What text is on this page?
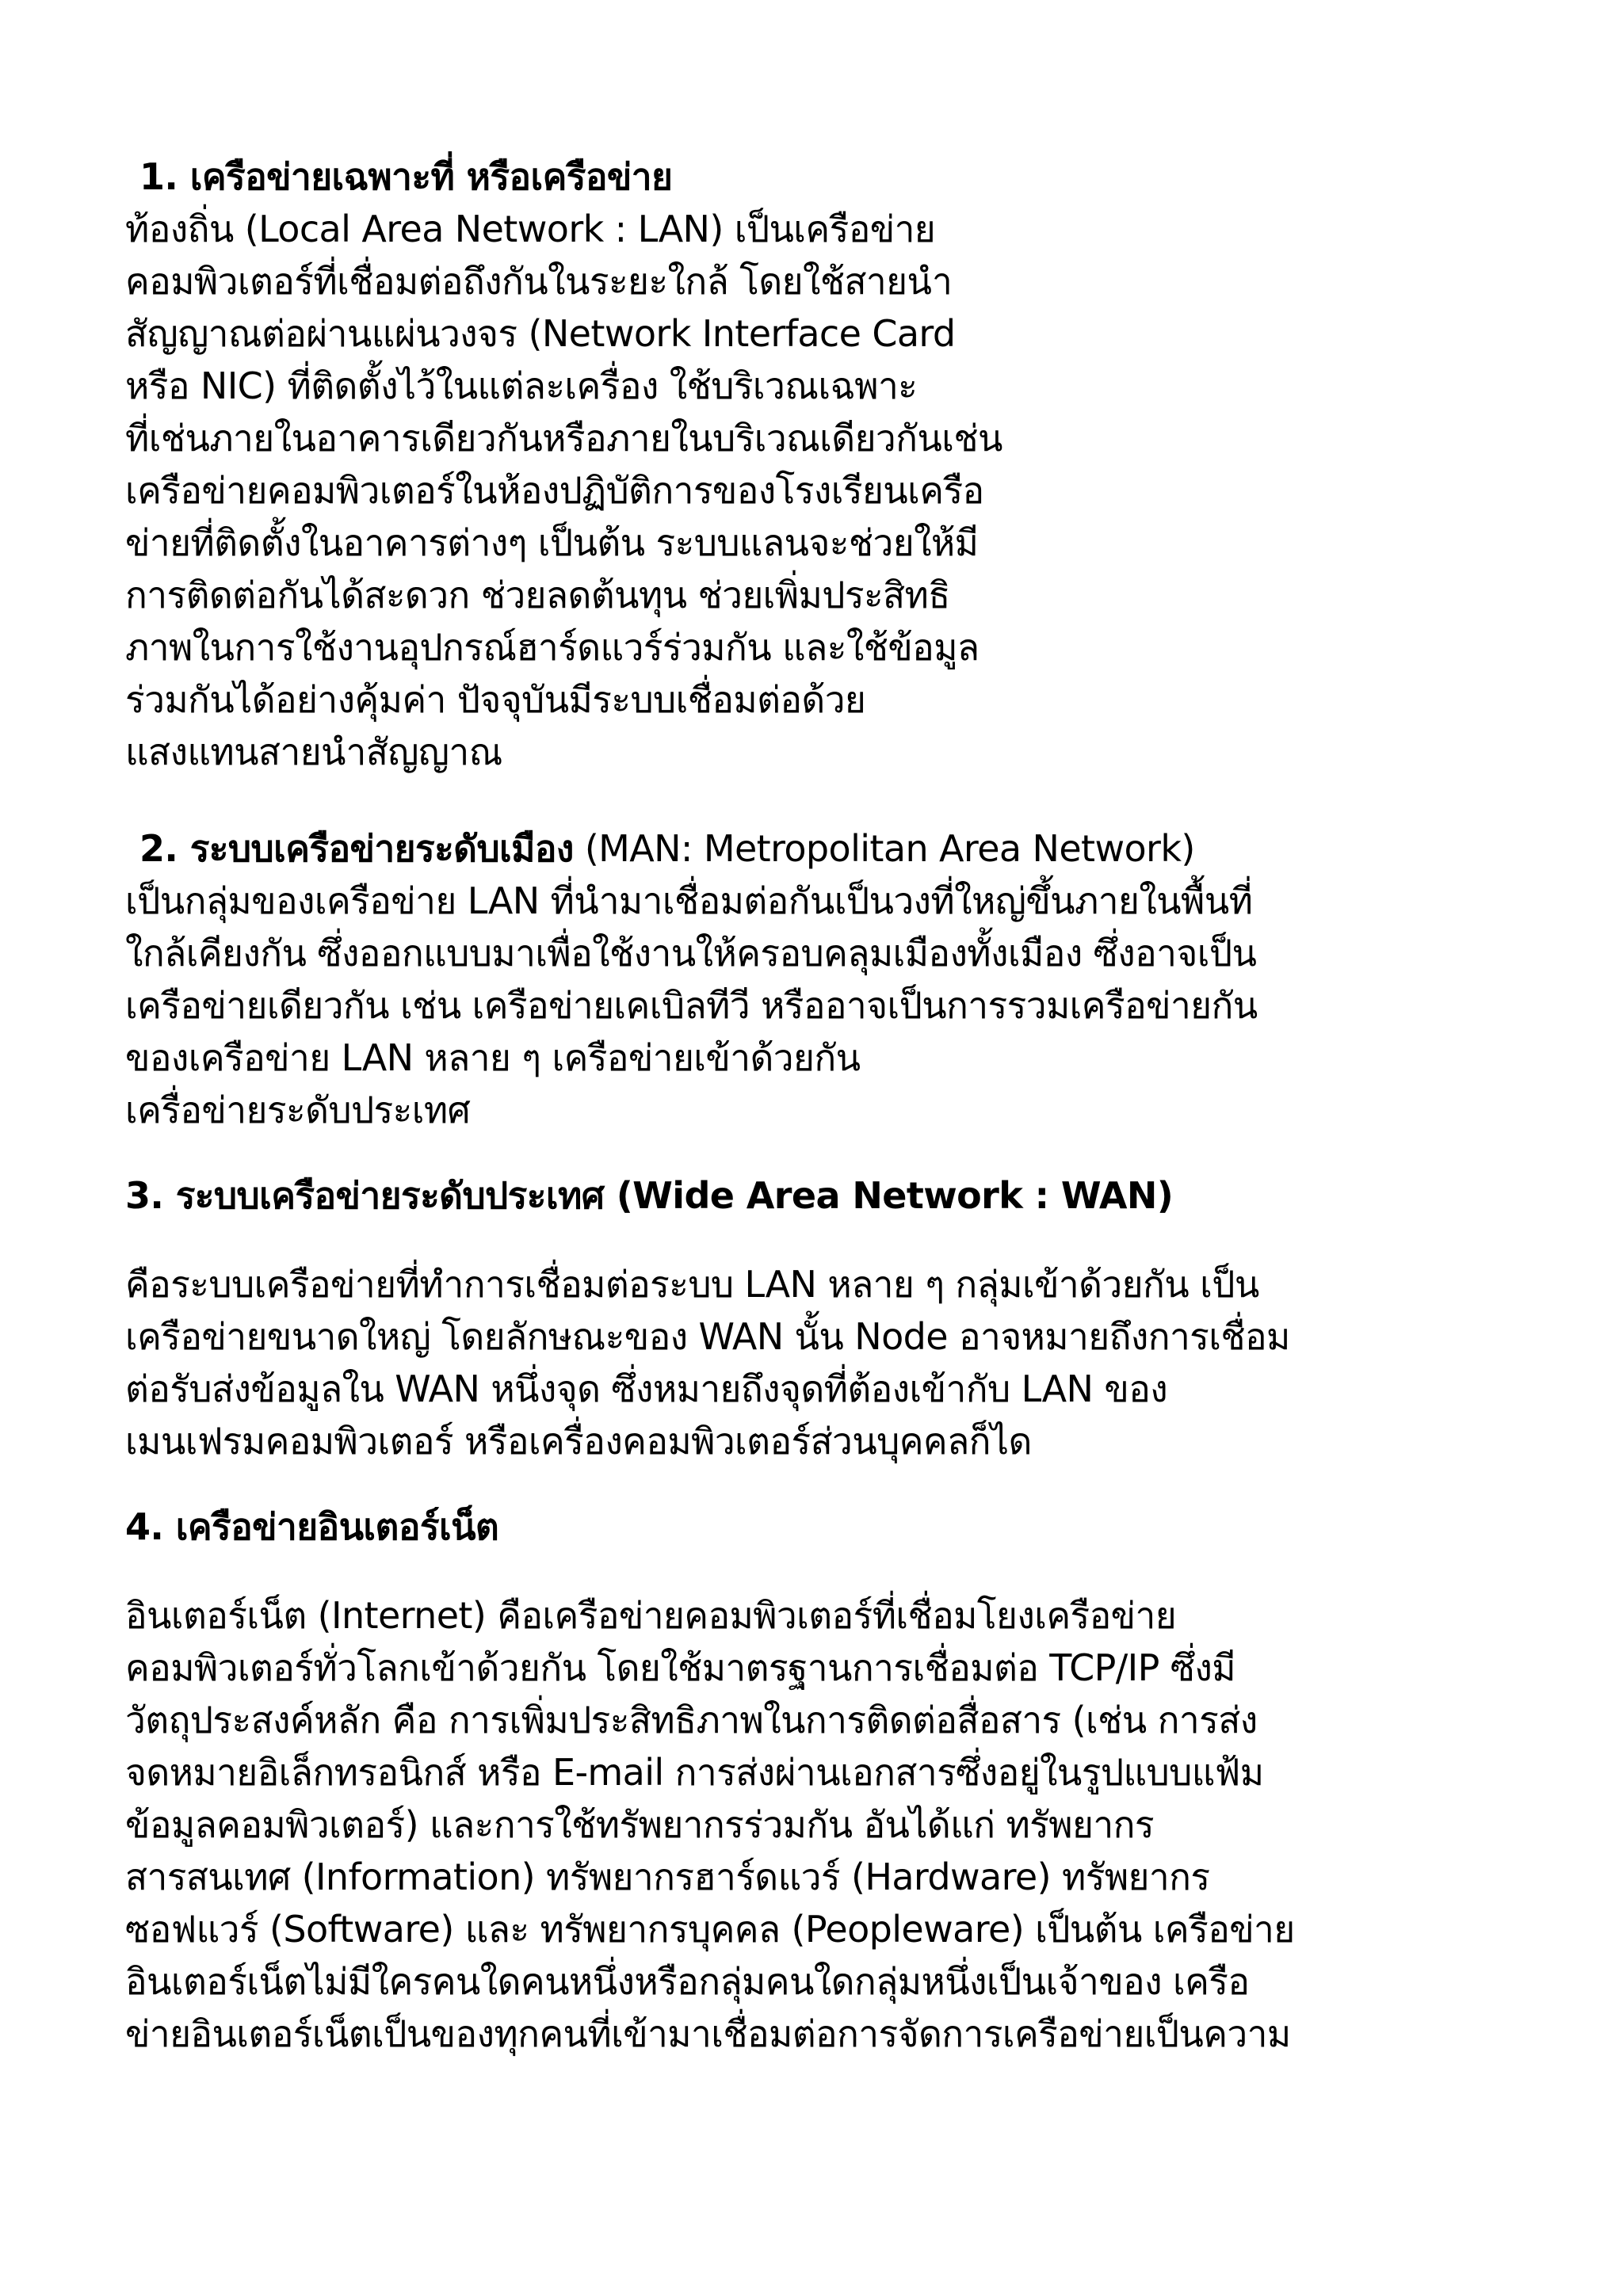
1. เครือข่ายเฉพาะที่ หรือเครือข่าย
ท้องถิ่น (Local Area Network : LAN) เป็นเครือข่าย
คอมพิวเตอร์ที่เชื่อมต่อถึงกันในระยะใกล้ โดยใช้สายนำ
สัญญาณต่อผ่านแผ่นวงจร (Network Interface Card
หรือ NIC) ที่ติดตั้งไว้ในแต่ละเครื่อง ใช้บริเวณเฉพาะ
ที่เช่นภายในอาคารเดียวกันหรือภายในบริเวณเดียวกันเช่น
เครือข่ายคอมพิวเตอร์ในห้องปฏิบัติการของโรงเรียนเครือ
ข่ายที่ติดตั้งในอาคารต่างๆ เป็นต้น ระบบแลนจะช่วยให้มี
การติดต่อกันได้สะดวก ช่วยลดต้นทุน ช่วยเพิ่มประสิทธิ
ภาพในการใช้งานอุปกรณ์ฮาร์ดแวร์ร่วมกัน และใช้ข้อมูล
ร่วมกันได้อย่างคุ้มค่า ปัจจุบันมีระบบเชื่อมต่อด้วย
แสงแทนสายนำสัญญาณ
2. ระบบเครือข่ายระดับเมือง (MAN: Metropolitan Area Network)
เป็นกลุ่มของเครือข่าย LAN ที่นำมาเชื่อมต่อกันเป็นวงที่ใหญ่ขึ้นภายในพื้นที่
ใกล้เคียงกัน ซึ่งออกแบบมาเพื่อใช้งานให้ครอบคลุมเมืองทั้งเมือง ซึ่งอาจเป็น
เครือข่ายเดียวกัน เช่น เครือข่ายเคเบิลทีวี หรืออาจเป็นการรวมเครือข่ายกัน
ของเครือข่าย LAN หลาย ๆ เครือข่ายเข้าด้วยกัน
เครื่อข่ายระดับประเทศ
3. ระบบเครือข่ายระดับประเทศ (Wide Area Network : WAN)
คือระบบเครือข่ายที่ทำการเชื่อมต่อระบบ LAN หลาย ๆ กลุ่มเข้าด้วยกัน เป็น
เครือข่ายขนาดใหญ่ โดยลักษณะของ WAN นั้น Node อาจหมายถึงการเชื่อม
ต่อรับส่งข้อมูลใน WAN หนึ่งจุด ซึ่งหมายถึงจุดที่ต้องเข้ากับ LAN ของ
เมนเฟรมคอมพิวเตอร์ หรือเครื่องคอมพิวเตอร์ส่วนบุคคลก็ได
4. เครือข่ายอินเตอร์เน็ต
อินเตอร์เน็ต (Internet) คือเครือข่ายคอมพิวเตอร์ที่เชื่อมโยงเครือข่าย
คอมพิวเตอร์ทั่วโลกเข้าด้วยกัน โดยใช้มาตรฐานการเชื่อมต่อ TCP/IP ซึ่งมี
วัตถุประสงค์หลัก คือ การเพิ่มประสิทธิภาพในการติดต่อสื่อสาร (เช่น การส่ง
จดหมายอิเล็กทรอนิกส์ หรือ E-mail การส่งผ่านเอกสารซึ่งอยู่ในรูปแบบแฟ้ม
ข้อมูลคอมพิวเตอร์) และการใช้ทรัพยากรร่วมกัน อันได้แก่ ทรัพยากร
สารสนเทศ (Information) ทรัพยากรฮาร์ดแวร์ (Hardware) ทรัพยากร
ซอฟแวร์ (Software) และ ทรัพยากรบุคคล (Peopleware) เป็นต้น เครือข่าย
อินเตอร์เน็ตไม่มีใครคนใดคนหนึ่งหรือกลุ่มคนใดกลุ่มหนึ่งเป็นเจ้าของ เครือ
ข่ายอินเตอร์เน็ตเป็นของทุกคนที่เข้ามาเชื่อมต่อการจัดการเครือข่ายเป็นความ
